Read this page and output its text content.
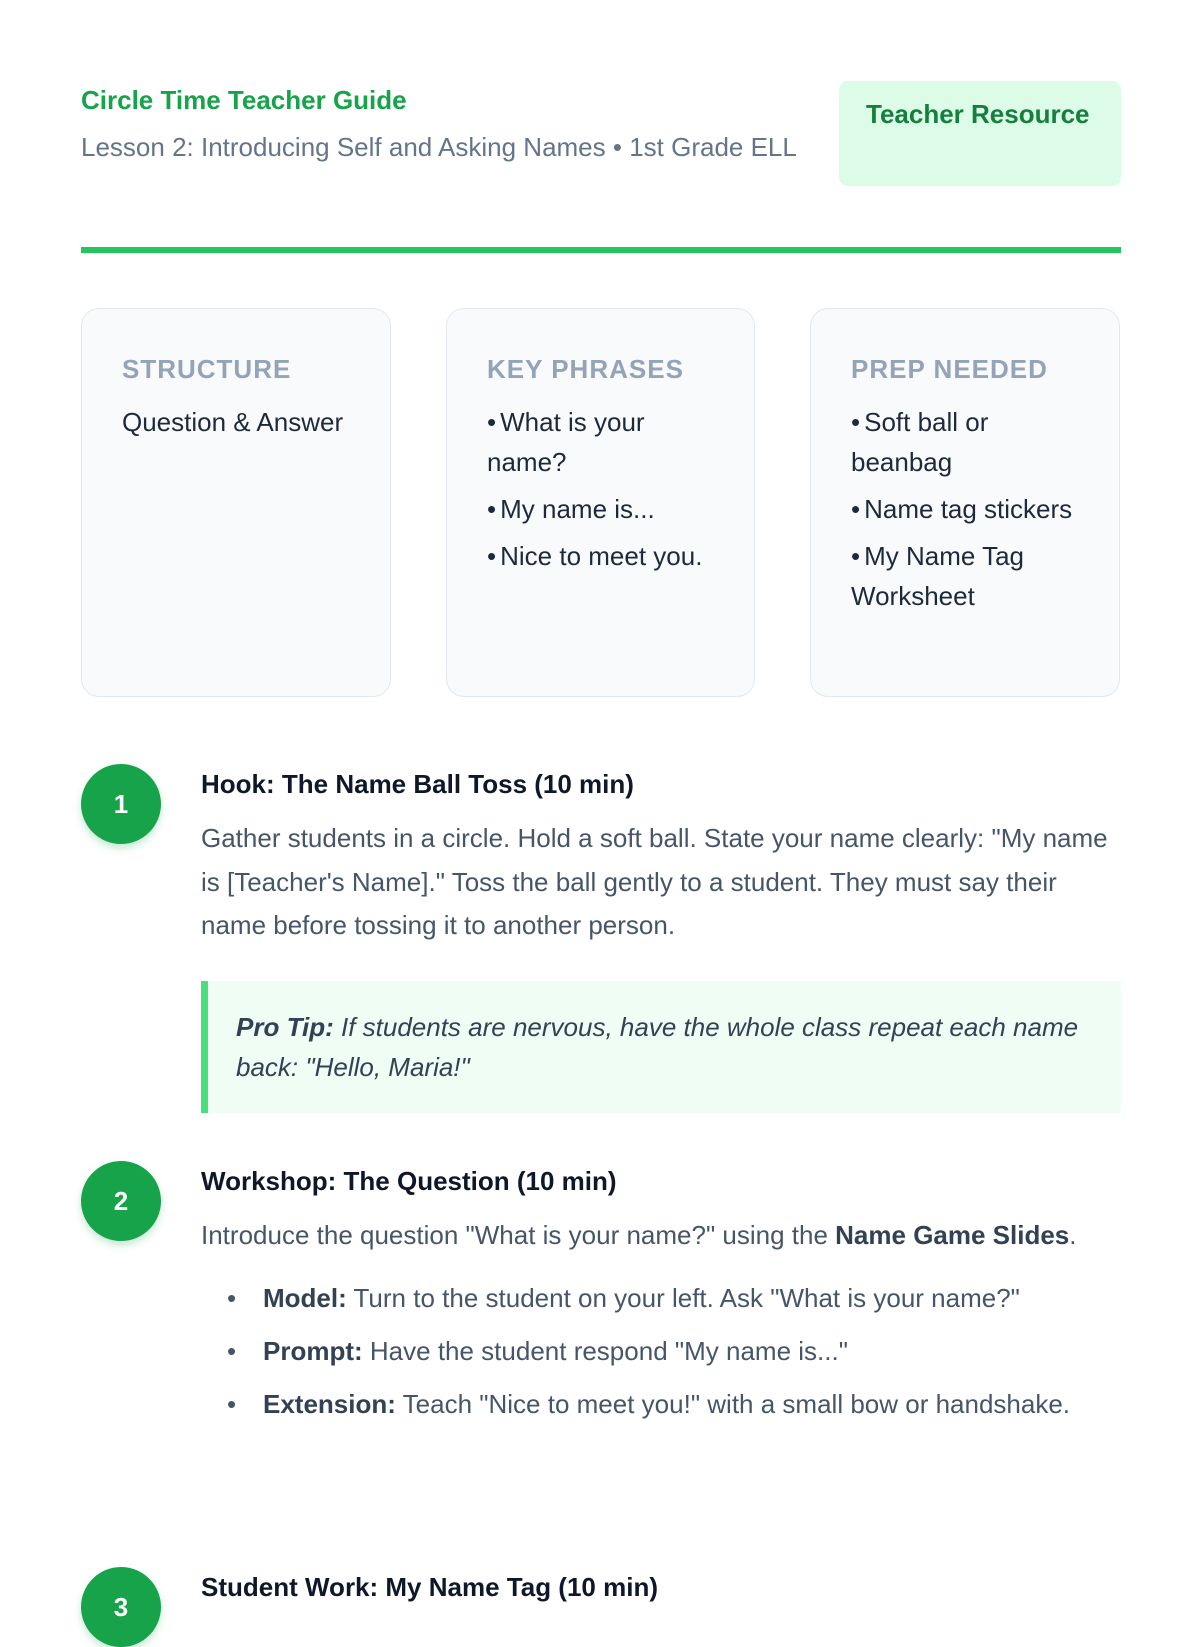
Circle Time Teacher Guide
Lesson 2: Introducing Self and Asking Names • 1st Grade ELL
Teacher Resource
STRUCTURE
Question & Answer
KEY PHRASES
• What is your name?
• My name is...
• Nice to meet you.
PREP NEEDED
• Soft ball or beanbag
• Name tag stickers
• My Name Tag Worksheet
1
Hook: The Name Ball Toss (10 min)
Gather students in a circle. Hold a soft ball. State your name clearly: "My name is [Teacher's Name]." Toss the ball gently to a student. They must say their name before tossing it to another person.
Pro Tip: If students are nervous, have the whole class repeat each name back: "Hello, Maria!"
2
Workshop: The Question (10 min)
Introduce the question "What is your name?" using the Name Game Slides.
• Model: Turn to the student on your left. Ask "What is your name?"
• Prompt: Have the student respond "My name is..."
• Extension: Teach "Nice to meet you!" with a small bow or handshake.
3
Student Work: My Name Tag (10 min)
